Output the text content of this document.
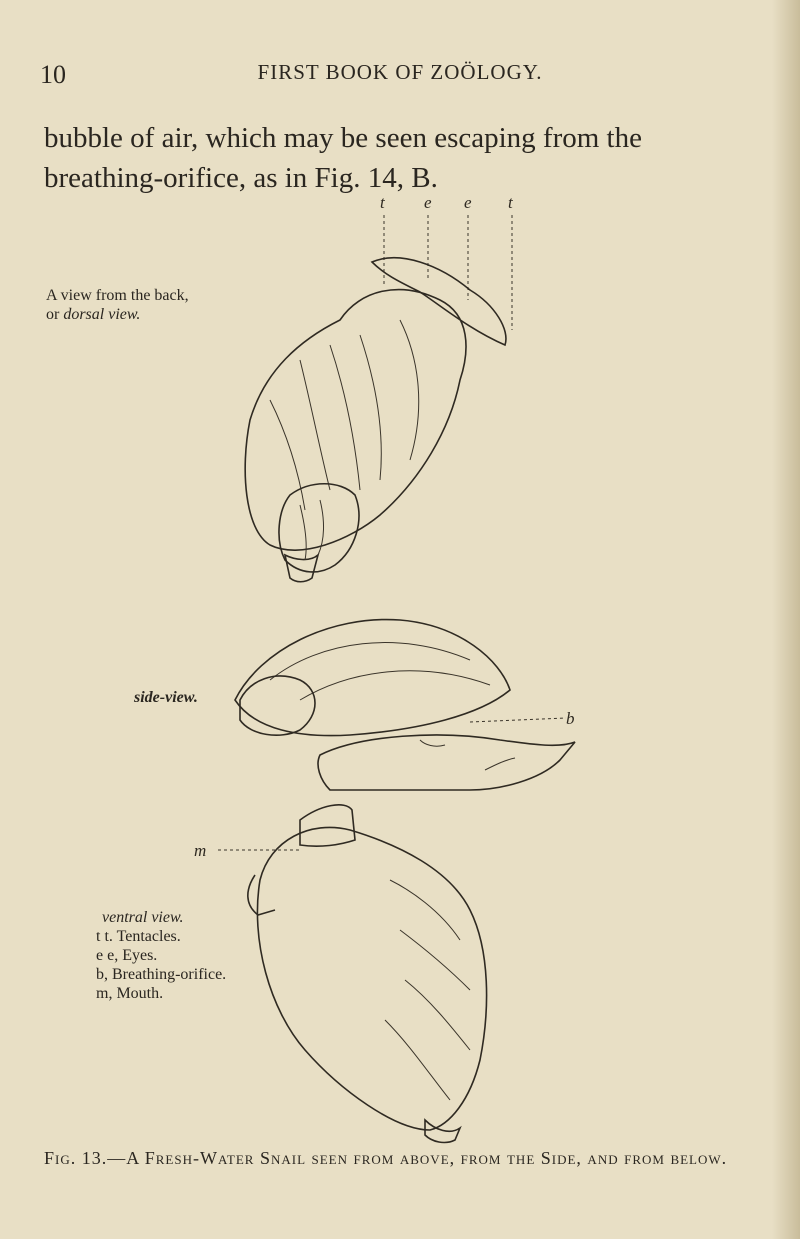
10	FIRST BOOK OF ZOÖLOGY.
bubble of air, which may be seen escaping from the breathing-orifice, as in Fig. 14, B.
A view from the back,
or dorsal view.
side-view.
ventral view.
t t. Tentacles.
e e, Eyes.
b, Breathing-orifice.
m, Mouth.
t e e t
b
m
Fig. 13.—A Fresh-Water Snail seen from above, from the Side, and from below.
